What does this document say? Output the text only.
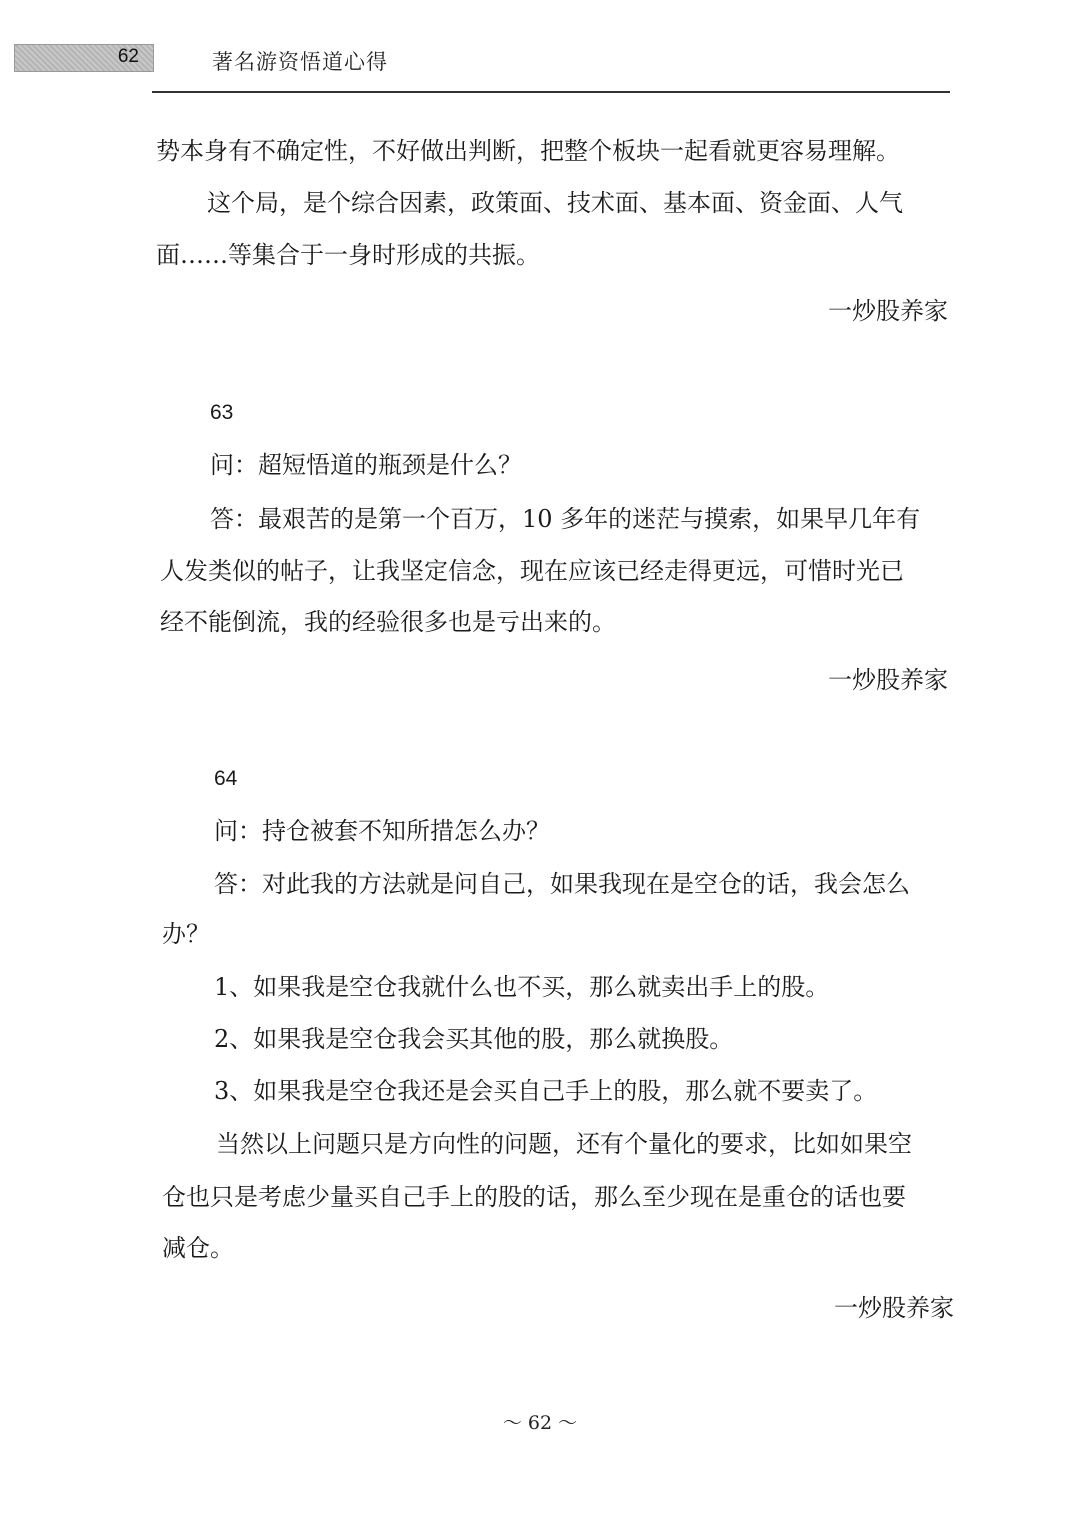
62	著名游资悟道心得
势本身有不确定性，不好做出判断，把整个板块一起看就更容易理解。
这个局，是个综合因素，政策面、技术面、基本面、资金面、人气
面……等集合于一身时形成的共振。
一炒股养家
63
问：超短悟道的瓶颈是什么？
答：最艰苦的是第一个百万，10 多年的迷茫与摸索，如果早几年有
人发类似的帖子，让我坚定信念，现在应该已经走得更远，可惜时光已
经不能倒流，我的经验很多也是亏出来的。
一炒股养家
64
问：持仓被套不知所措怎么办？
答：对此我的方法就是问自己，如果我现在是空仓的话，我会怎么
办？
1、如果我是空仓我就什么也不买，那么就卖出手上的股。
2、如果我是空仓我会买其他的股，那么就换股。
3、如果我是空仓我还是会买自己手上的股，那么就不要卖了。
当然以上问题只是方向性的问题，还有个量化的要求，比如如果空
仓也只是考虑少量买自己手上的股的话，那么至少现在是重仓的话也要
减仓。
一炒股养家
～ 62 ～
